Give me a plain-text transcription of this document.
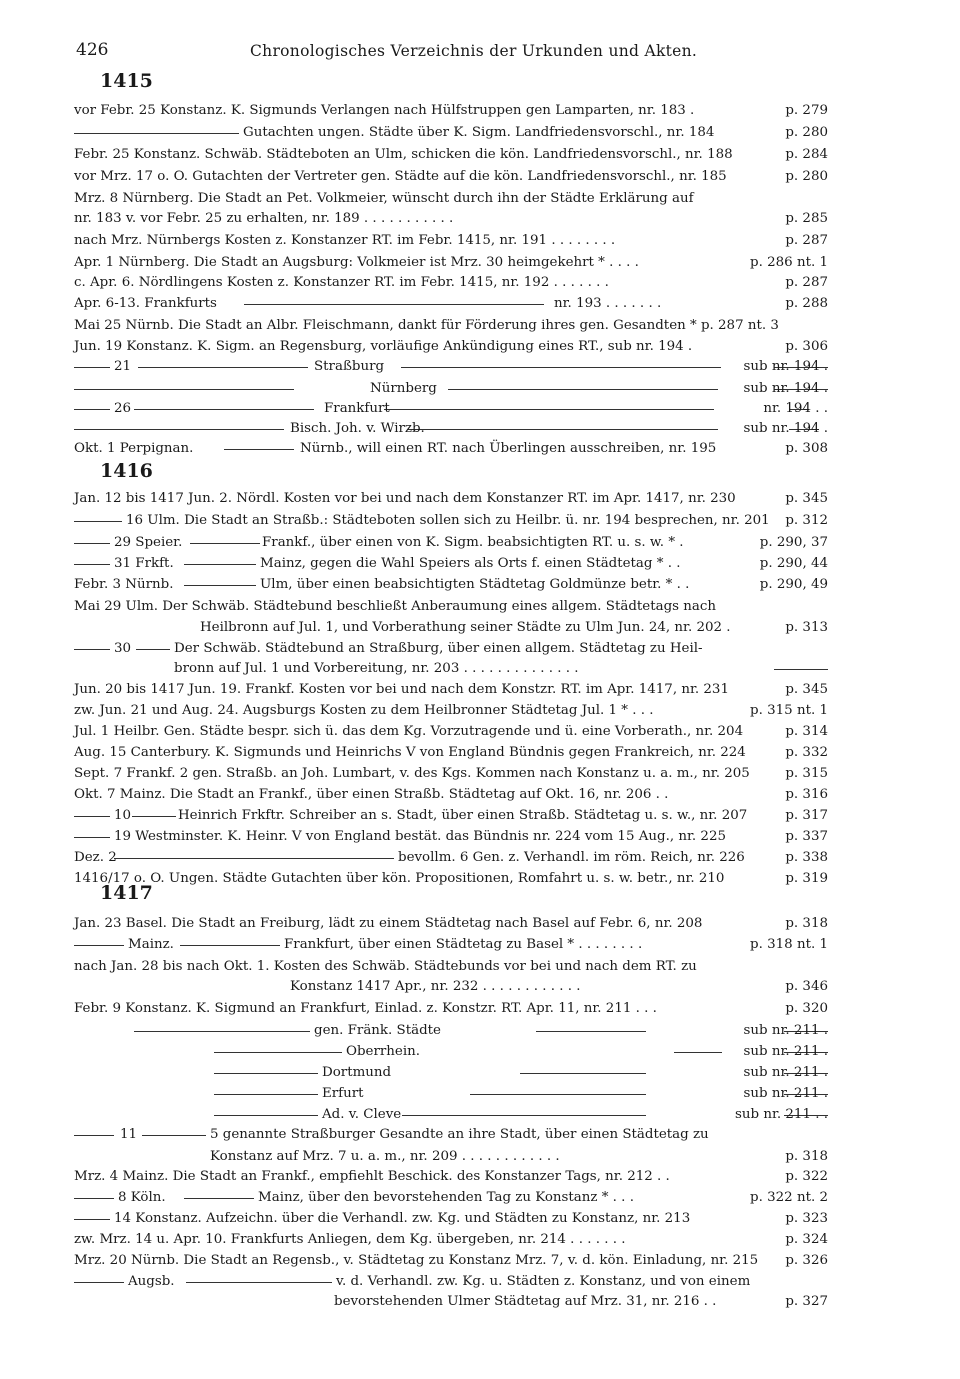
426	Chronologisches Verzeichnis der Urkunden und Akten.
1415
1416
1417
vor Febr. 25 Konstanz. K. Sigmunds Verlangen nach Hülfstruppen gen Lamparten, nr. 183 .	p. 279
Gutachten ungen. Städte über K. Sigm. Landfriedensvorschl., nr. 184	p. 280
Febr. 25 Konstanz. Schwäb. Städteboten an Ulm, schicken die kön. Landfriedensvorschl., nr. 188	p. 284
vor Mrz. 17 o. O. Gutachten der Vertreter gen. Städte auf die kön. Landfriedensvorschl., nr. 185	p. 280
Mrz. 8 Nürnberg. Die Stadt an Pet. Volkmeier, wünscht durch ihn der Städte Erklärung auf
nr. 183 v. vor Febr. 25 zu erhalten, nr. 189 . . . . . . . . . . .	p. 285
nach Mrz. Nürnbergs Kosten z. Konstanzer RT. im Febr. 1415, nr. 191 . . . . . . . .	p. 287
Apr. 1 Nürnberg. Die Stadt an Augsburg: Volkmeier ist Mrz. 30 heimgekehrt * . . . .	p. 286 nt. 1
c. Apr. 6. Nördlingens Kosten z. Konstanzer RT. im Febr. 1415, nr. 192 . . . . . . .	p. 287
Apr. 6-13. Frankfurts	nr. 193 . . . . . . .	p. 288
Mai 25 Nürnb. Die Stadt an Albr. Fleischmann, dankt für Förderung ihres gen. Gesandten * p. 287 nt. 3
Jun. 19 Konstanz. K. Sigm. an Regensburg, vorläufige Ankündigung eines RT., sub nr. 194 .	p. 306
21	Straßburg	sub nr. 194 .
Nürnberg	sub nr. 194 .
26	Frankfurt	nr. 194 . .
Bisch. Joh. v. Wirzb.	sub nr. 194 .
Okt. 1 Perpignan.	Nürnb., will einen RT. nach Überlingen ausschreiben, nr. 195	p. 308
Jan. 12 bis 1417 Jun. 2. Nördl. Kosten vor bei und nach dem Konstanzer RT. im Apr. 1417, nr. 230	p. 345
16 Ulm. Die Stadt an Straßb.: Städteboten sollen sich zu Heilbr. ü. nr. 194 besprechen, nr. 201 p. 312
29 Speier.	Frankf., über einen von K. Sigm. beabsichtigten RT. u. s. w. * .	p. 290, 37
31 Frkft.	Mainz, gegen die Wahl Speiers als Orts f. einen Städtetag * . .	p. 290, 44
Febr. 3 Nürnb.	Ulm, über einen beabsichtigten Städtetag Goldmünze betr. * . .	p. 290, 49
Mai 29 Ulm. Der Schwäb. Städtebund beschließt Anberaumung eines allgem. Städtetags nach
Heilbronn auf Jul. 1, und Vorberathung seiner Städte zu Ulm Jun. 24, nr. 202 .	p. 313
30	Der Schwäb. Städtebund an Straßburg, über einen allgem. Städtetag zu Heil-
bronn auf Jul. 1 und Vorbereitung, nr. 203 . . . . . . . . . . . . . .
Jun. 20 bis 1417 Jun. 19. Frankf. Kosten vor bei und nach dem Konstzr. RT. im Apr. 1417, nr. 231	p. 345
zw. Jun. 21 und Aug. 24. Augsburgs Kosten zu dem Heilbronner Städtetag Jul. 1 * . . .	p. 315 nt. 1
Jul. 1 Heilbr. Gen. Städte bespr. sich ü. das dem Kg. Vorzutragende und ü. eine Vorberath., nr. 204	p. 314
Aug. 15 Canterbury. K. Sigmunds und Heinrichs V von England Bündnis gegen Frankreich, nr. 224	p. 332
Sept. 7 Frankf. 2 gen. Straßb. an Joh. Lumbart, v. des Kgs. Kommen nach Konstanz u. a. m., nr. 205	p. 315
Okt. 7 Mainz. Die Stadt an Frankf., über einen Straßb. Städtetag auf Okt. 16, nr. 206 . .	p. 316
10	Heinrich Frkftr. Schreiber an s. Stadt, über einen Straßb. Städtetag u. s. w., nr. 207	p. 317
19 Westminster. K. Heinr. V von England bestät. das Bündnis nr. 224 vom 15 Aug., nr. 225	p. 337
Dez. 2	bevollm. 6 Gen. z. Verhandl. im röm. Reich, nr. 226	p. 338
1416/17 o. O. Ungen. Städte Gutachten über kön. Propositionen, Romfahrt u. s. w. betr., nr. 210	p. 319
Jan. 23 Basel. Die Stadt an Freiburg, lädt zu einem Städtetag nach Basel auf Febr. 6, nr. 208	p. 318
Mainz.	Frankfurt, über einen Städtetag zu Basel * . . . . . . . .	p. 318 nt. 1
nach Jan. 28 bis nach Okt. 1. Kosten des Schwäb. Städtebunds vor bei und nach dem RT. zu
Konstanz 1417 Apr., nr. 232 . . . . . . . . . . . .	p. 346
Febr. 9 Konstanz. K. Sigmund an Frankfurt, Einlad. z. Konstzr. RT. Apr. 11, nr. 211 . . .	p. 320
gen. Fränk. Städte	sub nr. 211 .
Oberrhein.	sub nr. 211 .
Dortmund	sub nr. 211 .
Erfurt	sub nr. 211 .
Ad. v. Cleve	sub nr. 211 . .
11	5 genannte Straßburger Gesandte an ihre Stadt, über einen Städtetag zu
Konstanz auf Mrz. 7 u. a. m., nr. 209 . . . . . . . . . . . .	p. 318
Mrz. 4 Mainz. Die Stadt an Frankf., empfiehlt Beschick. des Konstanzer Tags, nr. 212 . .	p. 322
8 Köln.	Mainz, über den bevorstehenden Tag zu Konstanz * . . .	p. 322 nt. 2
14 Konstanz. Aufzeichn. über die Verhandl. zw. Kg. und Städten zu Konstanz, nr. 213	p. 323
zw. Mrz. 14 u. Apr. 10. Frankfurts Anliegen, dem Kg. übergeben, nr. 214 . . . . . . .	p. 324
Mrz. 20 Nürnb. Die Stadt an Regensb., v. Städtetag zu Konstanz Mrz. 7, v. d. kön. Einladung, nr. 215 p. 326
Augsb.	v. d. Verhandl. zw. Kg. u. Städten z. Konstanz, und von einem
bevorstehenden Ulmer Städtetag auf Mrz. 31, nr. 216 . .	p. 327
